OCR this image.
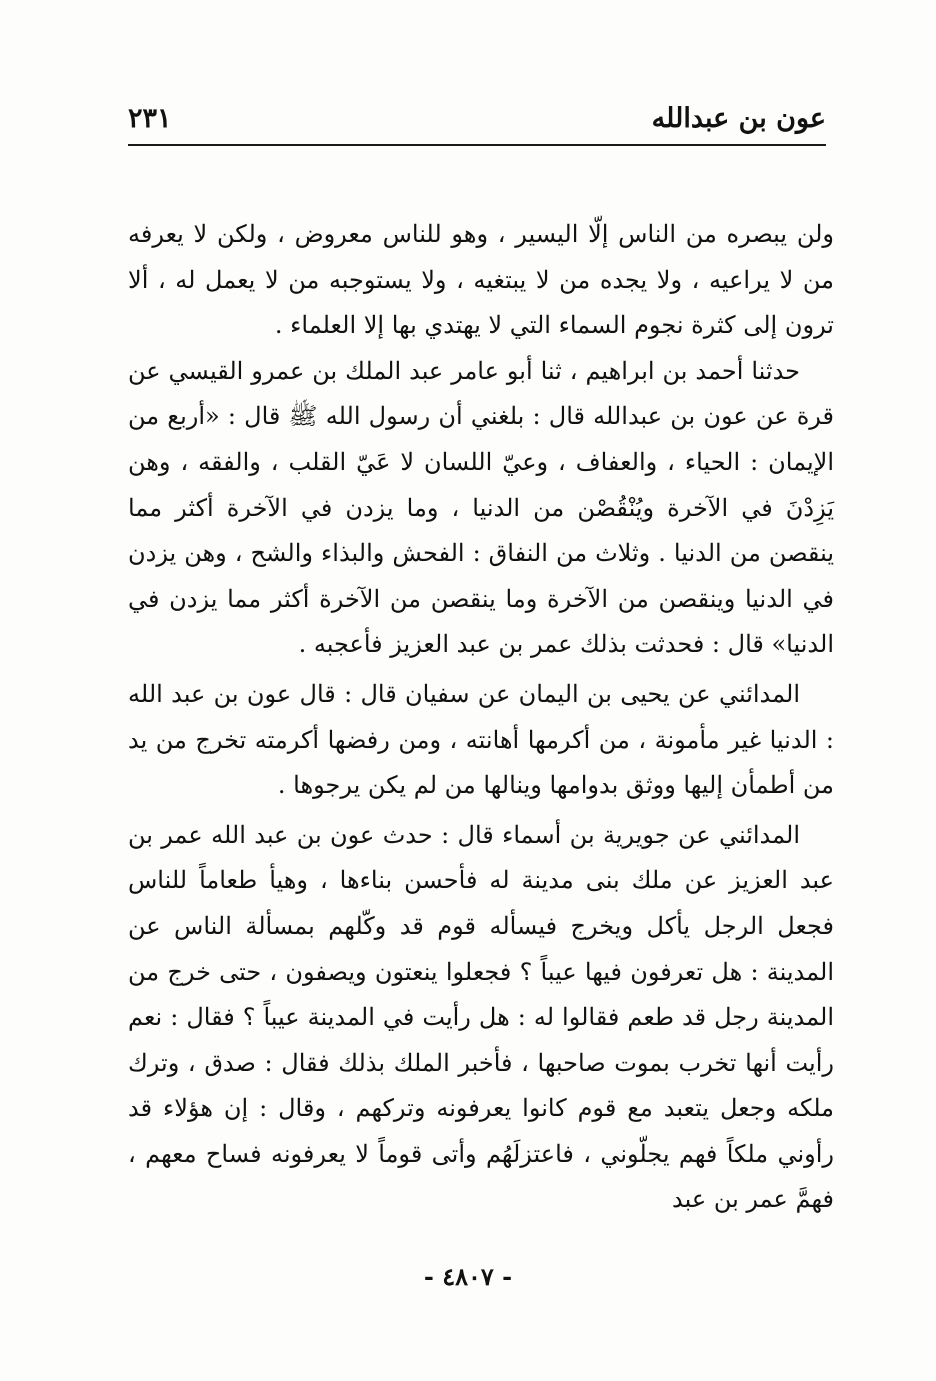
عون بن عبدالله
٢٣١

ولن يبصره من الناس إلّا اليسير ، وهو للناس معروض ، ولكن لا يعرفه من لا يراعيه ، ولا يجده من لا يبتغيه ، ولا يستوجبه من لا يعمل له ، ألا ترون إلى كثرة نجوم السماء التي لا يهتدي بها إلا العلماء .

حدثنا أحمد بن ابراهيم ، ثنا أبو عامر عبد الملك بن عمرو القيسي عن قرة عن عون بن عبدالله قال : بلغني أن رسول الله ﷺ قال : «أربع من الإيمان : الحياء ، والعفاف ، وعيّ اللسان لا عَيّ القلب ، والفقه ، وهن يَزِدْنَ في الآخرة ويُنْقُصْن من الدنيا ، وما يزدن في الآخرة أكثر مما ينقصن من الدنيا . وثلاث من النفاق : الفحش والبذاء والشح ، وهن يزدن في الدنيا وينقصن من الآخرة وما ينقصن من الآخرة أكثر مما يزدن في الدنيا» قال : فحدثت بذلك عمر بن عبد العزيز فأعجبه .

المدائني عن يحيى بن اليمان عن سفيان قال : قال عون بن عبد الله : الدنيا غير مأمونة ، من أكرمها أهانته ، ومن رفضها أكرمته تخرج من يد من أطمأن إليها ووثق بدوامها وينالها من لم يكن يرجوها .

المدائني عن جويرية بن أسماء قال : حدث عون بن عبد الله عمر بن عبد العزيز عن ملك بنى مدينة له فأحسن بناءها ، وهيأ طعاماً للناس فجعل الرجل يأكل ويخرج فيسأله قوم قد وكّلهم بمسألة الناس عن المدينة : هل تعرفون فيها عيباً ؟ فجعلوا ينعتون ويصفون ، حتى خرج من المدينة رجل قد طعم فقالوا له : هل رأيت في المدينة عيباً ؟ فقال : نعم رأيت أنها تخرب بموت صاحبها ، فأخبر الملك بذلك فقال : صدق ، وترك ملكه وجعل يتعبد مع قوم كانوا يعرفونه وتركهم ، وقال : إن هؤلاء قد رأوني ملكاً فهم يجلّوني ، فاعتزلَهُم وأتى قوماً لا يعرفونه فساح معهم ، فهمَّ عمر بن عبد

- ٤٨٠٧ -
